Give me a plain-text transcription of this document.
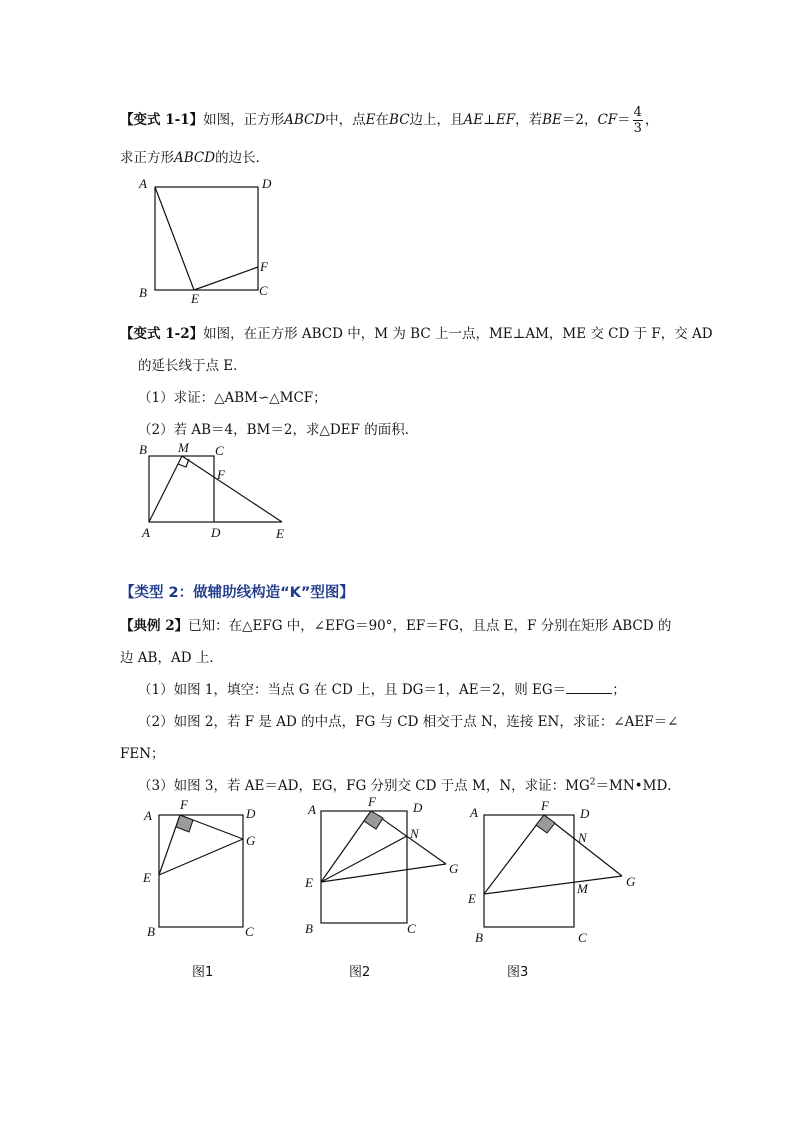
【变式 1-1】如图，正方形ABCD中，点E在BC边上，且AE⊥EF，若BE＝2，$CF= \frac{4}{3}$ ，
求正方形ABCD的边长．
A	D
F
B	E
C
【变式 1-2】如图，在正方形 ABCD 中，M 为 BC 上一点，ME⊥AM，ME 交 CD 于 F，交 AD
的延长线于点 E．
（1）求证：△ABM∽△MCF；
（2）若 AB＝4，BM＝2，求△DEF 的面积．
B M C
F
A	D	E
【类型 2：做辅助线构造“K”型图】
【典例 2】已知：在△EFG 中，∠EFG＝90°，EF＝FG，且点 E，F 分别在矩形 ABCD 的
边 AB，AD 上．
（1）如图 1，填空：当点 G 在 CD 上，且 DG＝1，AE＝2，则 EG＝	；
（2）如图 2，若 F 是 AD 的中点，FG 与 CD 相交于点 N，连接 EN，求证：∠AEF＝∠
FEN；
（3）如图 3，若 AE＝AD，EG，FG 分别交 CD 于点 M，N，求证：$MG^2=MN•MD$．
A
F
D
G
E
B	C
图1
A
F	D
N
G
E
B	C
图2
A	F
D
N
M	G
E
B	C
图3
